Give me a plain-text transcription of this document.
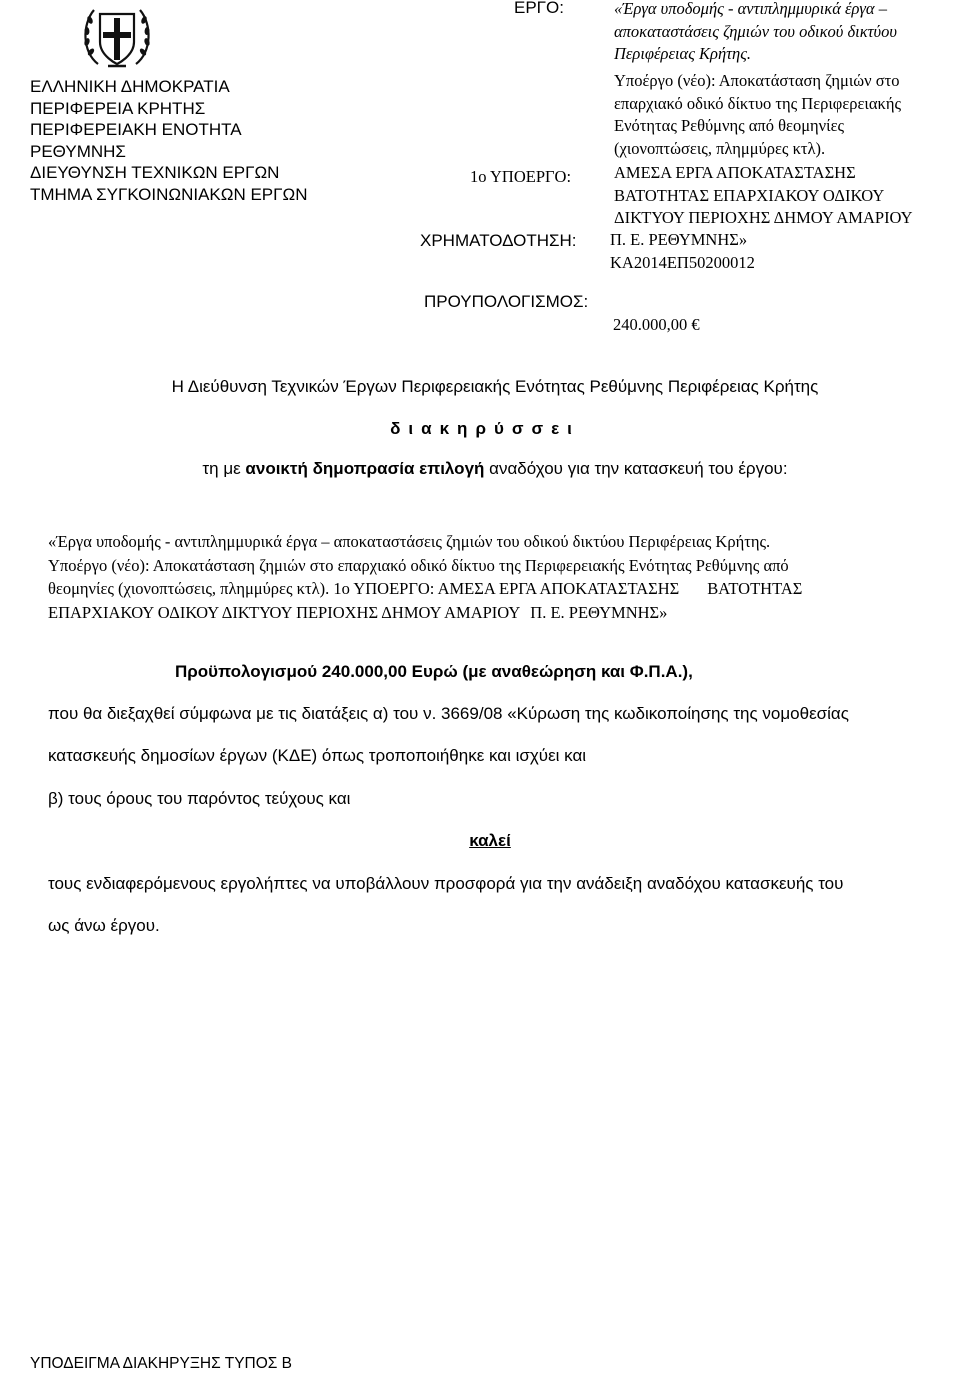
ΕΛΛΗΝΙΚΗ ΔΗΜΟΚΡΑΤΙΑ
ΠΕΡΙΦΕΡΕΙΑ ΚΡΗΤΗΣ
ΠΕΡΙΦΕΡΕΙΑΚΗ ΕΝΟΤΗΤΑ
ΡΕΘΥΜΝΗΣ
ΔΙΕΥΘΥΝΣΗ ΤΕΧΝΙΚΩΝ ΕΡΓΩΝ
ΤΜΗΜΑ ΣΥΓΚΟΙΝΩΝΙΑΚΩΝ ΕΡΓΩΝ
ΕΡΓΟ:	«Έργα υποδομής - αντιπλημμυρικά έργα –
αποκαταστάσεις ζημιών του οδικού δικτύου
Περιφέρειας Κρήτης.
Υποέργο (νέο): Αποκατάσταση ζημιών στο
επαρχιακό οδικό δίκτυο της Περιφερειακής
Ενότητας Ρεθύμνης από θεομηνίες
(χιονοπτώσεις, πλημμύρες κτλ).
1ο ΥΠΟΕΡΓΟ:	ΑΜΕΣΑ ΕΡΓΑ ΑΠΟΚΑΤΑΣΤΑΣΗΣ
ΒΑΤΟΤΗΤΑΣ ΕΠΑΡΧΙΑΚΟΥ ΟΔΙΚΟΥ
ΔΙΚΤΥΟΥ ΠΕΡΙΟΧΗΣ ΔΗΜΟΥ ΑΜΑΡΙΟΥ
ΧΡΗΜΑΤΟΔΟΤΗΣΗ: Π. Ε. ΡΕΘΥΜΝΗΣ»
ΚΑ2014ΕΠ50200012
ΠΡΟΥΠΟΛΟΓΙΣΜΟΣ:
240.000,00 €
Η Διεύθυνση Τεχνικών Έργων Περιφερειακής Ενότητας Ρεθύμνης Περιφέρειας Κρήτης
διακηρύσσει
τη με ανοικτή δημοπρασία επιλογή αναδόχου για την κατασκευή του έργου:
«Έργα υποδομής - αντιπλημμυρικά έργα – αποκαταστάσεις ζημιών του οδικού δικτύου Περιφέρειας Κρήτης.
Υποέργο (νέο): Αποκατάσταση ζημιών στο επαρχιακό οδικό δίκτυο της Περιφερειακής Ενότητας Ρεθύμνης από
θεομηνίες (χιονοπτώσεις, πλημμύρες κτλ). 1ο ΥΠΟΕΡΓΟ: ΑΜΕΣΑ ΕΡΓΑ ΑΠΟΚΑΤΑΣΤΑΣΗΣ ΒΑΤΟΤΗΤΑΣ
ΕΠΑΡΧΙΑΚΟΥ ΟΔΙΚΟΥ ΔΙΚΤΥΟΥ ΠΕΡΙΟΧΗΣ ΔΗΜΟΥ ΑΜΑΡΙΟΥ Π. Ε. ΡΕΘΥΜΝΗΣ»
Προϋπολογισμού 240.000,00 Ευρώ (με αναθεώρηση και Φ.Π.Α.),
που θα διεξαχθεί σύμφωνα με τις διατάξεις α) του ν. 3669/08 «Κύρωση της κωδικοποίησης της νομοθεσίας
κατασκευής δημοσίων έργων (ΚΔΕ) όπως τροποποιήθηκε και ισχύει και
β) τους όρους του παρόντος τεύχους και
τους ενδιαφερόμενους εργολήπτες να υποβάλλουν προσφορά για την ανάδειξη αναδόχου κατασκευής του
ως άνω έργου.
καλεί
ΥΠΟΔΕΙΓΜΑ ΔΙΑΚΗΡΥΞΗΣ ΤΥΠΟΣ Β
